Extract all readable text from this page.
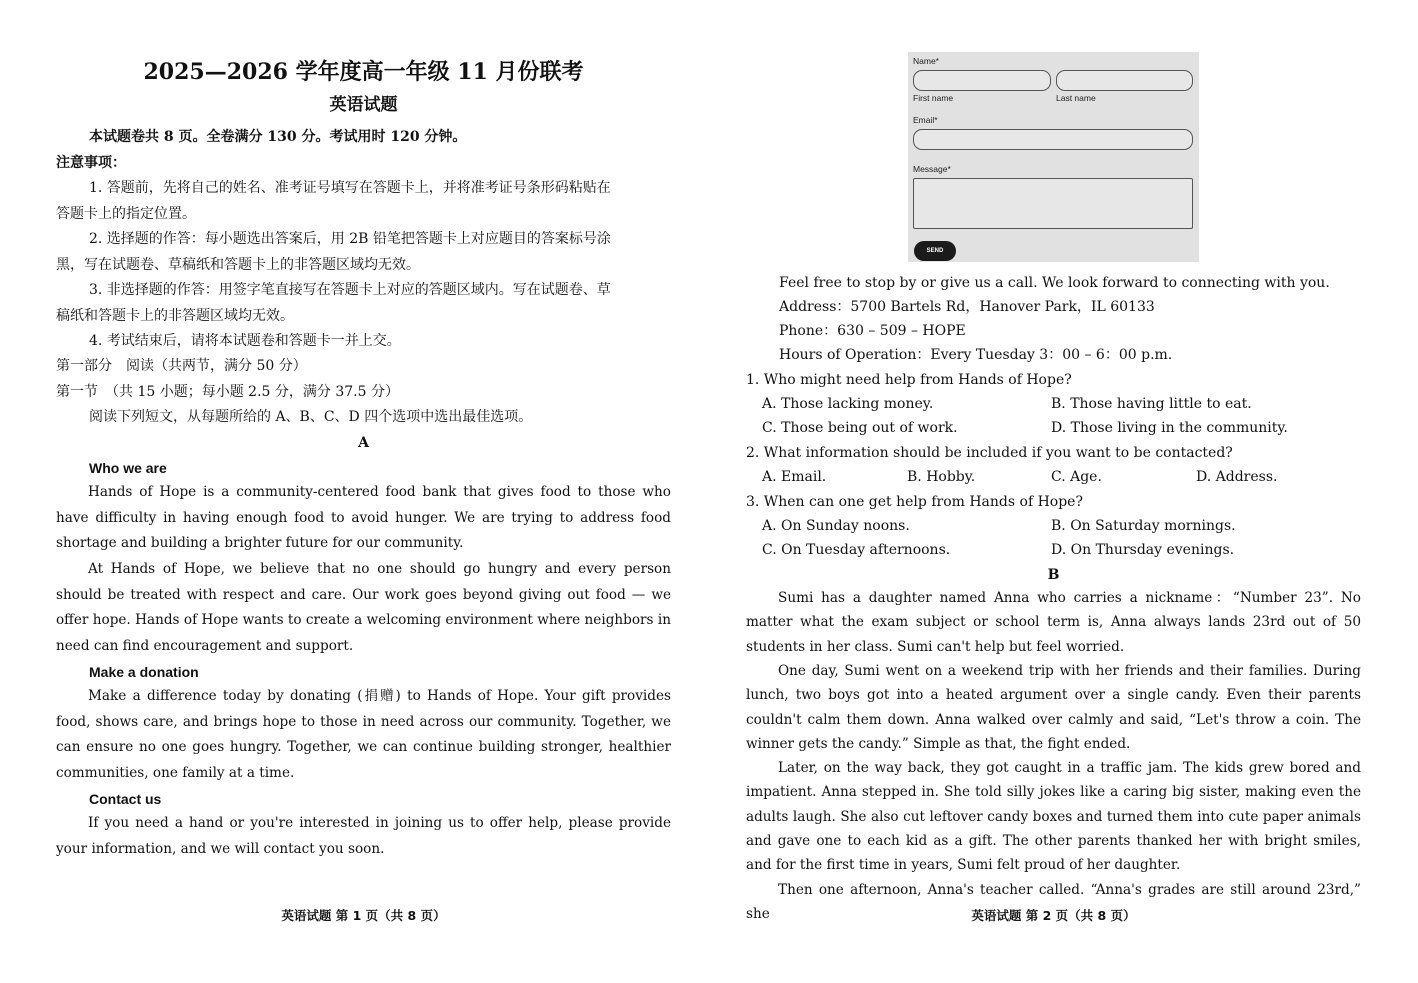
2025—2026 学年度高一年级 11 月份联考
英语试题
本试题卷共 8 页。全卷满分 130 分。考试用时 120 分钟。
注意事项：
1. 答题前，先将自己的姓名、准考证号填写在答题卡上，并将准考证号条形码粘贴在
答题卡上的指定位置。
2. 选择题的作答：每小题选出答案后，用 2B 铅笔把答题卡上对应题目的答案标号涂
黑，写在试题卷、草稿纸和答题卡上的非答题区域均无效。
3. 非选择题的作答：用签字笔直接写在答题卡上对应的答题区域内。写在试题卷、草
稿纸和答题卡上的非答题区域均无效。
4. 考试结束后，请将本试题卷和答题卡一并上交。
第一部分　阅读（共两节，满分 50 分）
第一节　（共 15 小题；每小题 2.5 分，满分 37.5 分）
阅读下列短文，从每题所给的 A、B、C、D 四个选项中选出最佳选项。
A
Who we are

Hands of Hope is a community-centered food bank that gives food to those who have difficulty in having enough food to avoid hunger. We are trying to address food shortage and building a brighter future for our community.

At Hands of Hope, we believe that no one should go hungry and every person should be treated with respect and care. Our work goes beyond giving out food — we offer hope. Hands of Hope wants to create a welcoming environment where neighbors in need can find encouragement and support.

Make a donation

Make a difference today by donating (捐赠) to Hands of Hope. Your gift provides food, shows care, and brings hope to those in need across our community. Together, we can ensure no one goes hungry. Together, we can continue building stronger, healthier communities, one family at a time.

Contact us

If you need a hand or you're interested in joining us to offer help, please provide your information, and we will contact you soon.

英语试题 第 1 页（共 8 页）
Name*
First name	Last name
Email*
Message*
SEND
Feel free to stop by or give us a call. We look forward to connecting with you.
Address：5700 Bartels Rd，Hanover Park，IL 60133
Phone：630 – 509 – HOPE
Hours of Operation：Every Tuesday 3：00 – 6：00 p.m.
1. Who might need help from Hands of Hope?
A. Those lacking money.	B. Those having little to eat.
C. Those being out of work.	D. Those living in the community.
2. What information should be included if you want to be contacted?
A. Email.	B. Hobby.	C. Age.	D. Address.
3. When can one get help from Hands of Hope?
A. On Sunday noons.	B. On Saturday mornings.
C. On Tuesday afternoons.	D. On Thursday evenings.
B

Sumi has a daughter named Anna who carries a nickname：“Number 23”. No matter what the exam subject or school term is, Anna always lands 23rd out of 50 students in her class. Sumi can't help but feel worried.

One day, Sumi went on a weekend trip with her friends and their families. During lunch, two boys got into a heated argument over a single candy. Even their parents couldn't calm them down. Anna walked over calmly and said, “Let's throw a coin. The winner gets the candy.” Simple as that, the fight ended.

Later, on the way back, they got caught in a traffic jam. The kids grew bored and impatient. Anna stepped in. She told silly jokes like a caring big sister, making even the adults laugh. She also cut leftover candy boxes and turned them into cute paper animals and gave one to each kid as a gift. The other parents thanked her with bright smiles, and for the first time in years, Sumi felt proud of her daughter.

Then one afternoon, Anna's teacher called. “Anna's grades are still around 23rd,” she	英语试题 第 2 页（共 8 页）
